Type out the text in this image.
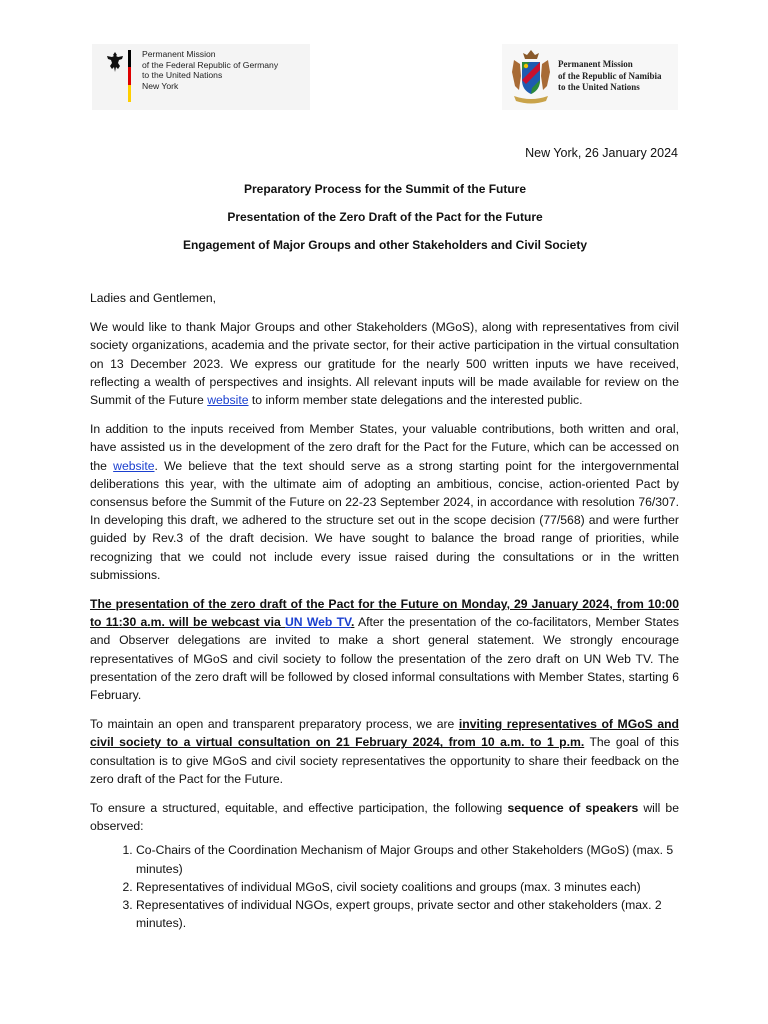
Permanent Mission
of the Federal Republic of Germany
to the United Nations
New York
Permanent Mission
of the Republic of Namibia
to the United Nations
New York, 26 January 2024
Preparatory Process for the Summit of the Future
Presentation of the Zero Draft of the Pact for the Future
Engagement of Major Groups and other Stakeholders and Civil Society

Ladies and Gentlemen,

We would like to thank Major Groups and other Stakeholders (MGoS), along with representatives from civil society organizations, academia and the private sector, for their active participation in the virtual consultation on 13 December 2023. We express our gratitude for the nearly 500 written inputs we have received, reflecting a wealth of perspectives and insights. All relevant inputs will be made available for review on the Summit of the Future website to inform member state delegations and the interested public.

In addition to the inputs received from Member States, your valuable contributions, both written and oral, have assisted us in the development of the zero draft for the Pact for the Future, which can be accessed on the website. We believe that the text should serve as a strong starting point for the intergovernmental deliberations this year, with the ultimate aim of adopting an ambitious, concise, action-oriented Pact by consensus before the Summit of the Future on 22-23 September 2024, in accordance with resolution 76/307. In developing this draft, we adhered to the structure set out in the scope decision (77/568) and were further guided by Rev.3 of the draft decision. We have sought to balance the broad range of priorities, while recognizing that we could not include every issue raised during the consultations or in the written submissions.

The presentation of the zero draft of the Pact for the Future on Monday, 29 January 2024, from 10:00 to 11:30 a.m. will be webcast via UN Web TV. After the presentation of the co-facilitators, Member States and Observer delegations are invited to make a short general statement. We strongly encourage representatives of MGoS and civil society to follow the presentation of the zero draft on UN Web TV. The presentation of the zero draft will be followed by closed informal consultations with Member States, starting 6 February.

To maintain an open and transparent preparatory process, we are inviting representatives of MGoS and civil society to a virtual consultation on 21 February 2024, from 10 a.m. to 1 p.m. The goal of this consultation is to give MGoS and civil society representatives the opportunity to share their feedback on the zero draft of the Pact for the Future.

To ensure a structured, equitable, and effective participation, the following sequence of speakers will be observed:

1. Co-Chairs of the Coordination Mechanism of Major Groups and other Stakeholders (MGoS) (max. 5 minutes)
2. Representatives of individual MGoS, civil society coalitions and groups (max. 3 minutes each)
3. Representatives of individual NGOs, expert groups, private sector and other stakeholders (max. 2 minutes).
